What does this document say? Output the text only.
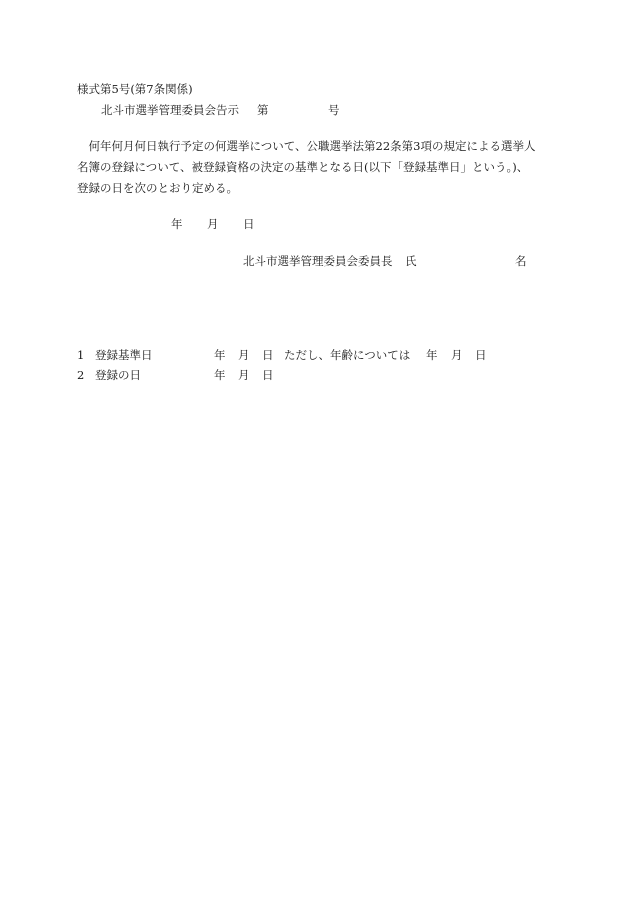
様式第5号(第7条関係)
北斗市選挙管理委員会告示 第	号
　何年何月何日執行予定の何選挙について、公職選挙法第22条第3項の規定による選挙人
名簿の登録について、被登録資格の決定の基準となる日(以下「登録基準日」という。)、
登録の日を次のとおり定める。
年 月 日
北斗市選挙管理委員会委員長 氏	名
1 登録基準日	年 月 日 ただし、年齢については 年 月 日
2 登録の日	年 月 日
